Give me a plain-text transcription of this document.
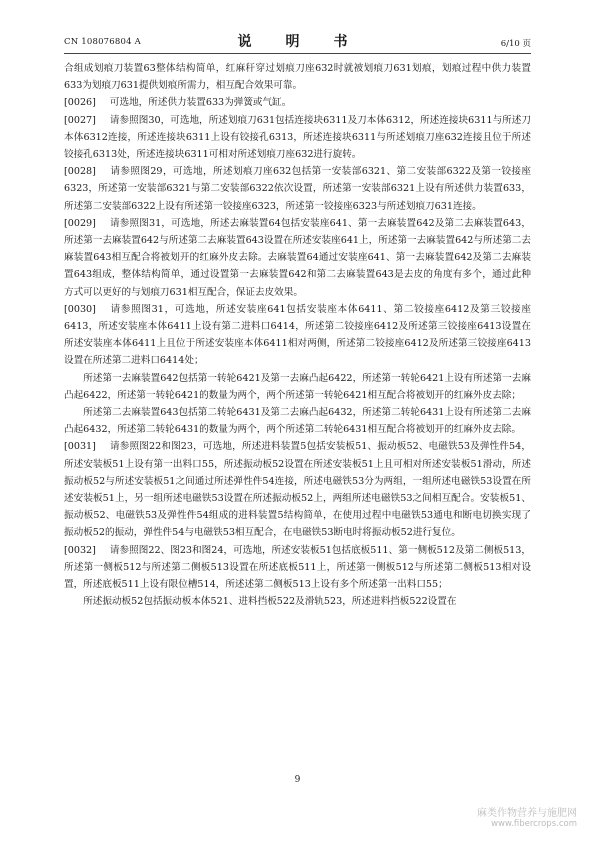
CN 108076804 A	说　明　书	6/10 页

合组成划痕刀装置63整体结构简单，红麻秆穿过划痕刀座632时就被划痕刀631划痕，划痕过程中供力装置633为划痕刀631提供划痕所需力，相互配合效果可靠。

[0026] 可选地，所述供力装置633为弹簧或气缸。

[0027] 请参照图30，可选地，所述划痕刀631包括连接块6311及刀本体6312，所述连接块6311与所述刀本体6312连接，所述连接块6311上设有铰接孔6313，所述连接块6311与所述划痕刀座632连接且位于所述铰接孔6313处，所述连接块6311可相对所述划痕刀座632进行旋转。

[0028] 请参照图29，可选地，所述划痕刀座632包括第一安装部6321、第二安装部6322及第一铰接座6323，所述第一安装部6321与第二安装部6322依次设置，所述第一安装部6321上设有所述供力装置633，所述第二安装部6322上设有所述第一铰接座6323，所述第一铰接座6323与所述划痕刀631连接。

[0029] 请参照图31，可选地，所述去麻装置64包括安装座641、第一去麻装置642及第二去麻装置643，所述第一去麻装置642与所述第二去麻装置643设置在所述安装座641上，所述第一去麻装置642与所述第二去麻装置643相互配合将被划开的红麻外皮去除。去麻装置64通过安装座641、第一去麻装置642及第二去麻装置643组成，整体结构简单，通过设置第一去麻装置642和第二去麻装置643是去皮的角度有多个，通过此种方式可以更好的与划痕刀631相互配合，保证去皮效果。

[0030] 请参照图31，可选地，所述安装座641包括安装座本体6411、第二铰接座6412及第三铰接座6413，所述安装座本体6411上设有第二进料口6414，所述第二铰接座6412及所述第三铰接座6413设置在所述安装座本体6411上且位于所述安装座本体6411相对两侧，所述第二铰接座6412及所述第三铰接座6413设置在所述第二进料口6414处；

所述第一去麻装置642包括第一转轮6421及第一去麻凸起6422，所述第一转轮6421上设有所述第一去麻凸起6422，所述第一转轮6421的数量为两个，两个所述第一转轮6421相互配合将被划开的红麻外皮去除；

所述第二去麻装置643包括第二转轮6431及第二去麻凸起6432，所述第二转轮6431上设有所述第二去麻凸起6432，所述第二转轮6431的数量为两个，两个所述第二转轮6431相互配合将被划开的红麻外皮去除。

[0031] 请参照图22和图23，可选地，所述进料装置5包括安装板51、振动板52、电磁铁53及弹性件54，所述安装板51上设有第一出料口55，所述振动板52设置在所述安装板51上且可相对所述安装板51滑动，所述振动板52与所述安装板51之间通过所述弹性件54连接，所述电磁铁53分为两组，一组所述电磁铁53设置在所述安装板51上，另一组所述电磁铁53设置在所述振动板52上，两组所述电磁铁53之间相互配合。安装板51、振动板52、电磁铁53及弹性件54组成的进料装置5结构简单，在使用过程中电磁铁53通电和断电切换实现了振动板52的振动，弹性件54与电磁铁53相互配合，在电磁铁53断电时将振动板52进行复位。

[0032] 请参照图22、图23和图24，可选地，所述安装板51包括底板511、第一侧板512及第二侧板513，所述第一侧板512与所述第二侧板513设置在所述底板511上，所述第一侧板512与所述第二侧板513相对设置，所述底板511上设有限位槽514，所述述第二侧板513上设有多个所述第一出料口55；

所述振动板52包括振动板本体521、进料挡板522及滑轨523，所述进料挡板522设置在

9
麻类作物营养与施肥网
www.fibercrops.com
